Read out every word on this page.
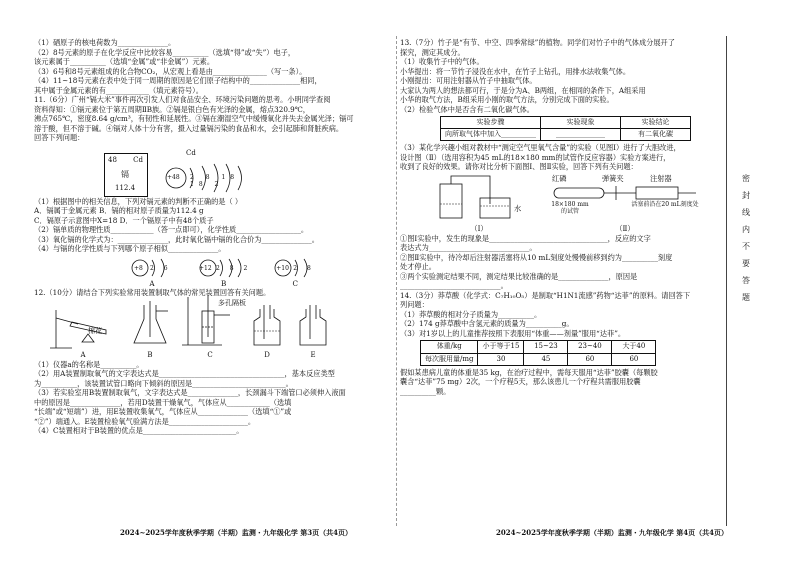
密
封
线
内
不
要
答
题
（1）硒原子的核电荷数为______________。
（2）8号元素的原子在化学反应中比较容易__________（选填“得”或“失”）电子，
该元素属于__________（选填“金属”或“非金属”）元素。
（3）6号和8号元素组成的化合物CO₂，从宏观上看是由_______________（写一条）。
（4）11~18号元素在表中处于同一周期的原因是它们原子结构中的______________相同，
其中属于金属元素的有____________（填元素符号）。
11.（6分）广州“镉大米”事件再次引发人们对食品安全、环境污染问题的思考。小明同学查阅
资料得知：①镉元素位于第五周期ⅡB族。②镉是银白色有光泽的金属，熔点320.9℃，
沸点765℃，密度8.64 g/cm³，有韧性和延展性。③镉在潮湿空气中缓慢氧化并失去金属光泽；镉可
溶于酸，但不溶于碱。④镉对人体十分有害，摄入过量镉污染的食品和水，会引起肺和肾脏疾病。
回答下列问题：
48 Cd
镉
112.4
Cd
+48 2 8 18 18 2
（1）根据图中的相关信息，下列对镉元素的判断不正确的是（ ）
A．镉属于金属元素 B．镉的相对原子质量为112.4 g
C．镉原子示意图中X=18 D．一个镉原子中有48个质子
（2）镉单质的物理性质____________（答一点即可），化学性质__________________。
（3）氧化镉的化学式为：______________，此时氧化镉中镉的化合价为______________。
（4）与镉的化学性质与下列哪个原子相似______________。
+8	2 6
A
+12 2 8 2
B
+10 2 8
C
12.（10分）请结合下列实验常用装置制取气体的常见装置回答有关问题。
棉花
A	B
多孔隔板
C	D	E
（1）仪器a的名称是__________。
（2）用A装置制取氧气的文字表达式是___________________________________，基本反应类型
为__________，该装置试管口略向下倾斜的原因是__________________________。
（3）若实验室用B装置制取氧气，文字表达式是______________，长颈漏斗下端管口必须伸入液面
中的原因是______________，若用D装置干燥氧气，气体应从____________（选填
“长端”或“短端”）进，用E装置收集氧气，气体应从______________（选填“①”或
“②”）端通入。E装置检验氧气验满方法是______________________。
（4）C装置相对于B装置的优点是__________________________。
2024~2025学年度秋季学期（半期）监测・九年级化学 第3页（共4页）
13.（7分）竹子是“有节、中空、四季常绿”的植物。同学们对竹子中的气体成分展开了
探究，测定其成分。
（1）收集竹子中的气体。
小华提出：将一节竹子浸没在水中，在竹子上钻孔，用排水法收集气体。
小刚提出：可用注射器从竹子中抽取气体。
大家认为两人的想法都可行，于是分为A、B两组，在相同的条件下，A组采用
小华的取气方法，B组采用小刚的取气方法，分别完成下面的实验。
（2）检验气体中是否含有二氧化碳气体。
实验步骤	实验现象	实验结论
向所取气体中加入__________	______________	有二氧化碳
（3）某化学兴趣小组对教材中“测定空气里氧气含量”的实验（见图Ⅰ）进行了大胆改进，
设计图（Ⅱ）（选用容积为45 mL的18×180 mm的试管作反应容器）实验方案进行，
收到了良好的效果。请你对比分析下面图Ⅰ、图Ⅱ实验，回答下列有关问题：
水
（Ⅰ）
红磷	弹簧夹	注射器
18×180 mm的试管
活塞前沿在20 mL刻度处
（Ⅱ）
①图Ⅰ实验中，发生的现象是_________________________________，反应的文字
表达式为____________________________。
②图Ⅱ实验中，待冷却后注射器活塞将从10 mL刻度处慢慢前移到约为__________刻度
处才停止。
③两个实验测定结果不同，测定结果比较准确的是______________，原因是
____________________________。
14.（3分）莽草酸（化学式：C₇H₁₀O₅）是制取“H1N1流感”药物“达菲”的原料。请回答下
列问题：
（1）莽草酸的相对分子质量为__________。
（2）174 g莽草酸中含氢元素的质量为__________g。
（3）对1岁以上的儿童推荐按照下表服用“体重——剂量”服用“达菲”。
体重/kg	小于等于15	15~23	23~40	大于40
每次服用量/mg	30	45	60	60
假如某患病儿童的体重是35 kg，在治疗过程中，需每天服用“达菲”胶囊（每颗胶
囊含“达菲”75 mg）2次，一个疗程5天，那么该患儿一个疗程共需服用胶囊
__________颗。
2024~2025学年度秋季学期（半期）监测・九年级化学 第4页（共4页）
